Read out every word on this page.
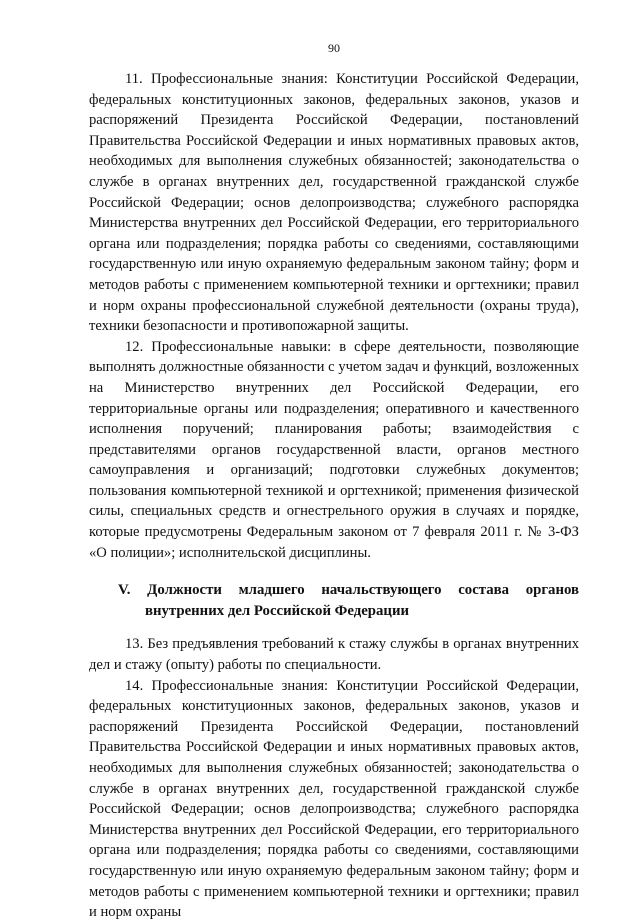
90

11. Профессиональные знания: Конституции Российской Федерации, федеральных конституционных законов, федеральных законов, указов и распоряжений Президента Российской Федерации, постановлений Правительства Российской Федерации и иных нормативных правовых актов, необходимых для выполнения служебных обязанностей; законодательства о службе в органах внутренних дел, государственной гражданской службе Российской Федерации; основ делопроизводства; служебного распорядка Министерства внутренних дел Российской Федерации, его территориального органа или подразделения; порядка работы со сведениями, составляющими государственную или иную охраняемую федеральным законом тайну; форм и методов работы с применением компьютерной техники и оргтехники; правил и норм охраны профессиональной служебной деятельности (охраны труда), техники безопасности и противопожарной защиты.

12. Профессиональные навыки: в сфере деятельности, позволяющие выполнять должностные обязанности с учетом задач и функций, возложенных на Министерство внутренних дел Российской Федерации, его территориальные органы или подразделения; оперативного и качественного исполнения поручений; планирования работы; взаимодействия с представителями органов государственной власти, органов местного самоуправления и организаций; подготовки служебных документов; пользования компьютерной техникой и оргтехникой; применения физической силы, специальных средств и огнестрельного оружия в случаях и порядке, которые предусмотрены Федеральным законом от 7 февраля 2011 г. № 3-ФЗ «О полиции»; исполнительской дисциплины.

V. Должности младшего начальствующего состава органов
внутренних дел Российской Федерации

13. Без предъявления требований к стажу службы в органах внутренних дел и стажу (опыту) работы по специальности.

14. Профессиональные знания: Конституции Российской Федерации, федеральных конституционных законов, федеральных законов, указов и распоряжений Президента Российской Федерации, постановлений Правительства Российской Федерации и иных нормативных правовых актов, необходимых для выполнения служебных обязанностей; законодательства о службе в органах внутренних дел, государственной гражданской службе Российской Федерации; основ делопроизводства; служебного распорядка Министерства внутренних дел Российской Федерации, его территориального органа или подразделения; порядка работы со сведениями, составляющими государственную или иную охраняемую федеральным законом тайну; форм и методов работы с применением компьютерной техники и оргтехники; правил и норм охраны
